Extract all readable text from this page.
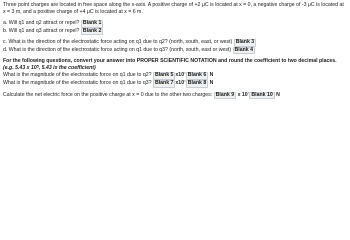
Three point charges are located in free space along the x-axis. A positive charge of +2 μC is located at x = 0, a negative charge of -3 μC is located at x = 3 m, and a positive charge of +4 μC is located at x = 6 m.

a. Will q1 and q2 attract or repel? Blank 1

b. Will q1 and q3 attract or repel? Blank 2

c. What is the direction of the electrostatic force acting on q1 due to q2? (north, south, east, or west) Blank 3

d. What is the direction of the electrostatic force acting on q1 due to q3? (north, south, east or west) Blank 4

For the following questions, convert your answer into PROPER SCIENTIFIC NOTATION and round the coefficient to two decimal places. (e.g. 5.43 x $10^5$, 5.43 is the coefficient)

What is the magnitude of the electrostatic force on q1 due to q2? Blank 5 x10^ Blank 6 N

What is the magnitude of the electrostatic force on q1 due to q3? Blank 7 x10^ Blank 8 N

Calculate the net electric force on the positive charge at x = 0 due to the other two charges: Blank 9 x 10 Blank 10 N
